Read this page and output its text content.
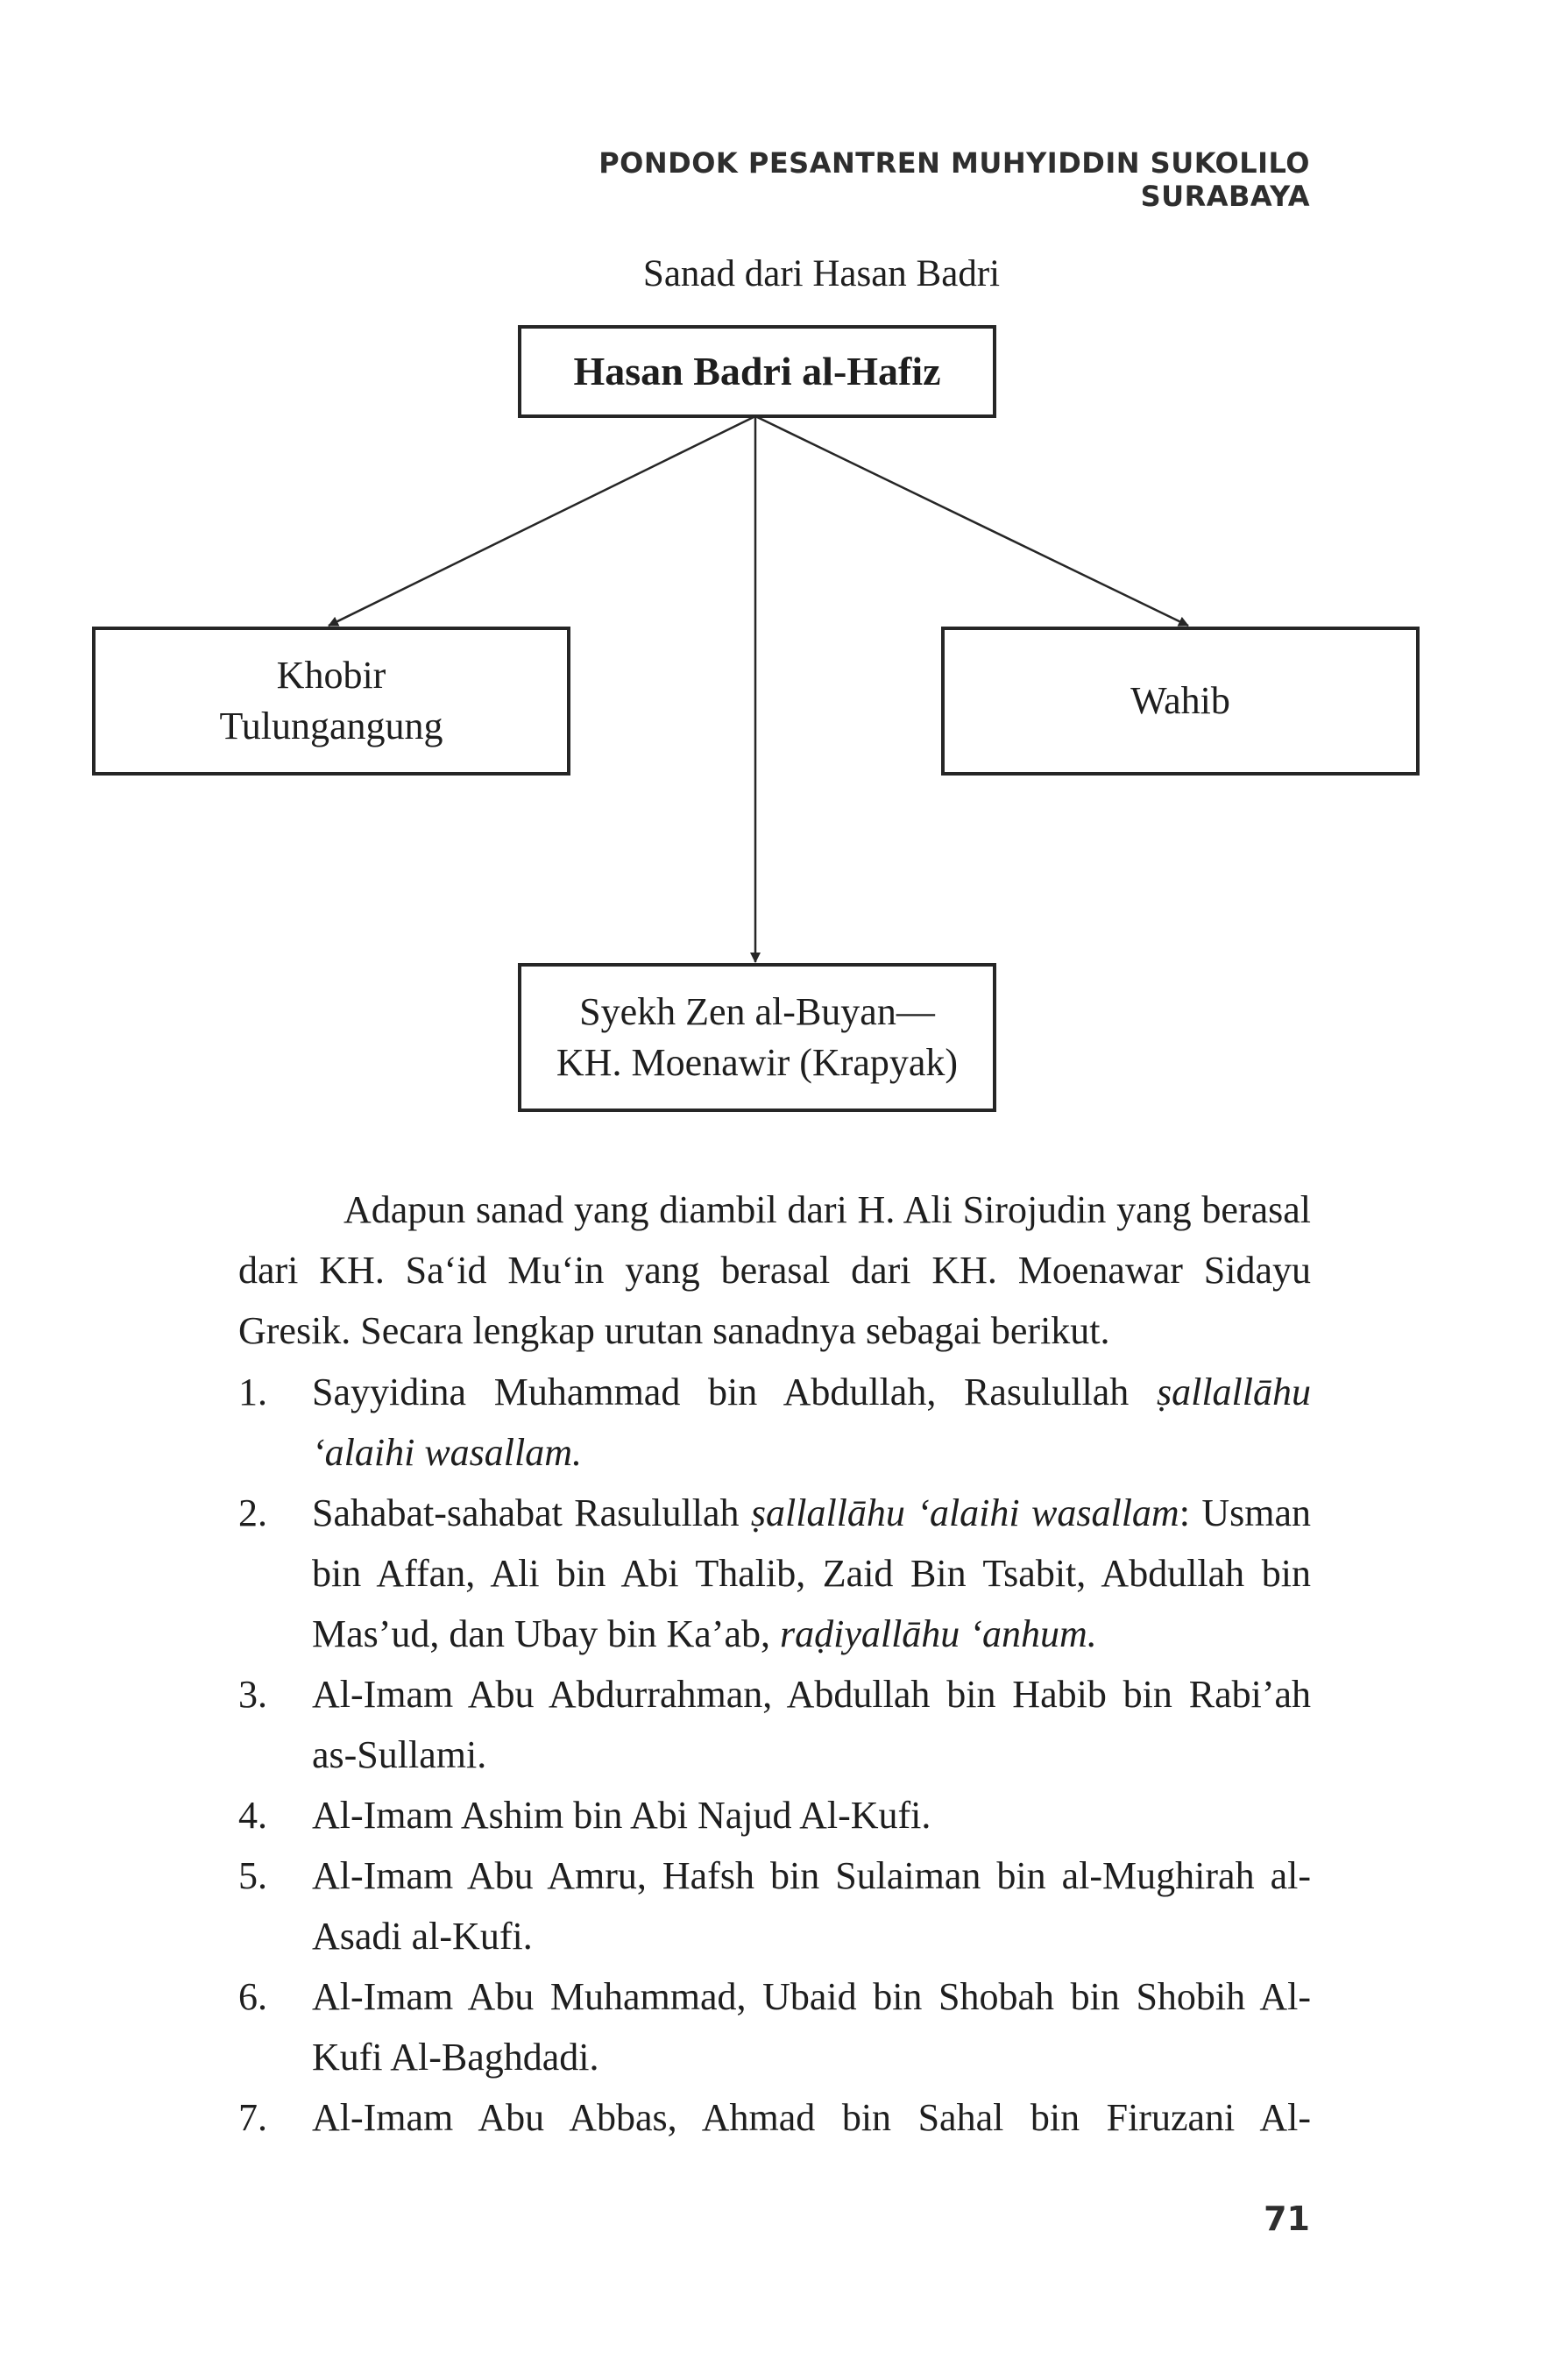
PONDOK PESANTREN MUHYIDDIN SUKOLILO SURABAYA
Sanad dari Hasan Badri
Hasan Badri al-Hafiz
Khobir
Tulungangung
Wahib
Syekh Zen al-Buyan—
KH. Moenawir (Krapyak)
Adapun sanad yang diambil dari H. Ali Sirojudin yang berasal dari KH. Sa‘id Mu‘in yang berasal dari KH. Moenawar Sidayu Gresik. Secara lengkap urutan sanadnya sebagai berikut.
1. Sayyidina Muhammad bin Abdullah, Rasulullah ṣallallāhu ‘alaihi wasallam.
2. Sahabat-sahabat Rasulullah ṣallallāhu ‘alaihi wasallam: Usman bin Affan, Ali bin Abi Thalib, Zaid Bin Tsabit, Abdullah bin Mas’ud, dan Ubay bin Ka’ab, raḍiyallāhu ‘anhum.
3. Al-Imam Abu Abdurrahman, Abdullah bin Habib bin Rabi’ah as-Sullami.
4. Al-Imam Ashim bin Abi Najud Al-Kufi.
5. Al-Imam Abu Amru, Hafsh bin Sulaiman bin al-Mughirah al-Asadi al-Kufi.
6. Al-Imam Abu Muhammad, Ubaid bin Shobah bin Shobih Al-Kufi Al-Baghdadi.
7. Al-Imam Abu Abbas, Ahmad bin Sahal bin Firuzani Al-
71
